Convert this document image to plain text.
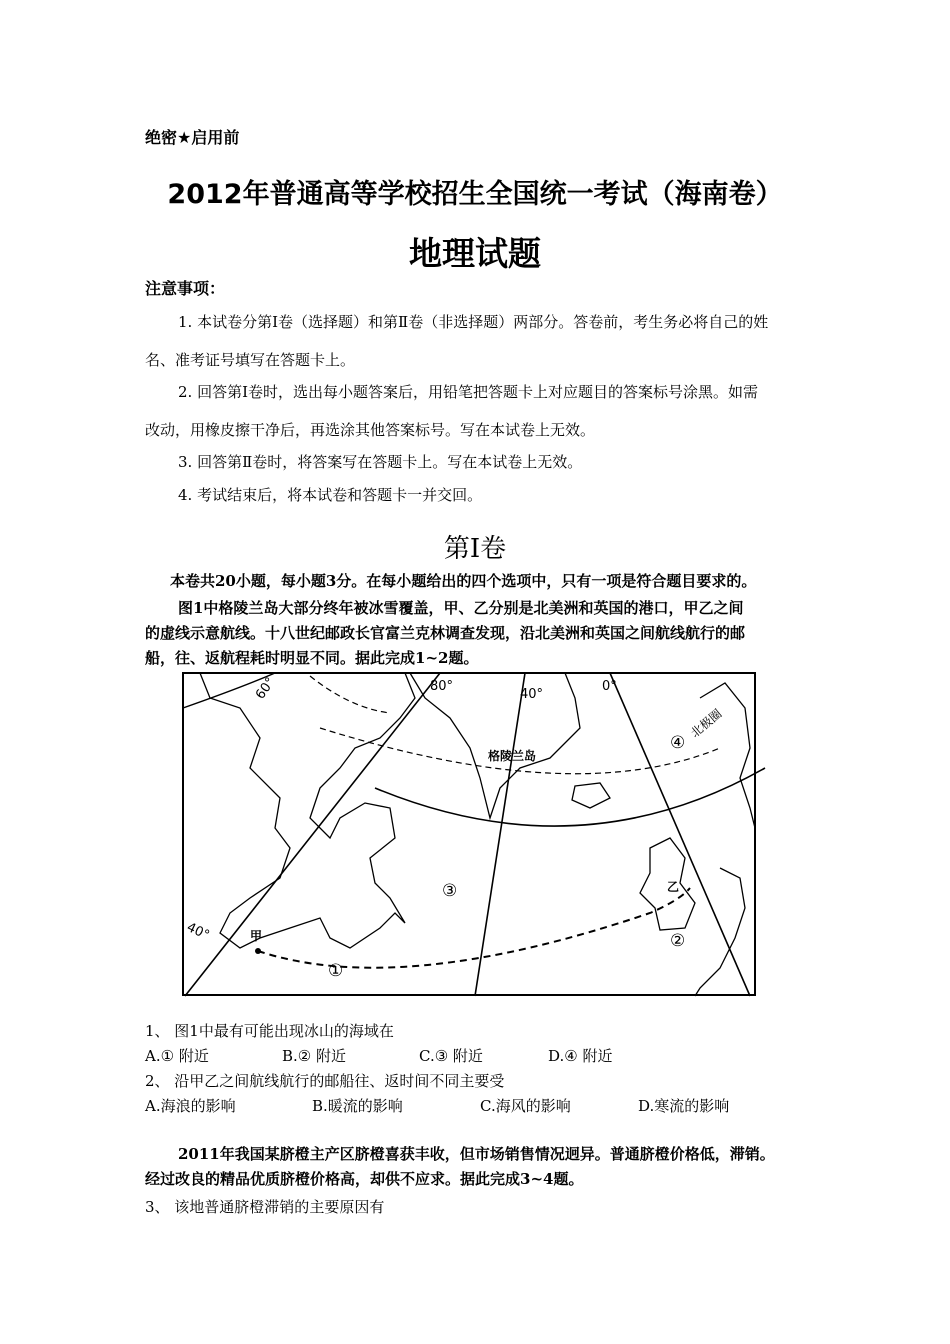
绝密★启用前
2012年普通高等学校招生全国统一考试（海南卷）
地理试题
注意事项：
1. 本试卷分第Ⅰ卷（选择题）和第Ⅱ卷（非选择题）两部分。答卷前，考生务必将自己的姓
名、准考证号填写在答题卡上。
2. 回答第Ⅰ卷时，选出每小题答案后，用铅笔把答题卡上对应题目的答案标号涂黑。如需
改动，用橡皮擦干净后，再选涂其他答案标号。写在本试卷上无效。
3. 回答第Ⅱ卷时，将答案写在答题卡上。写在本试卷上无效。
4. 考试结束后，将本试卷和答题卡一并交回。
第Ⅰ卷
本卷共20小题，每小题3分。在每小题给出的四个选项中，只有一项是符合题目要求的。
图1中格陵兰岛大部分终年被冰雪覆盖，甲、乙分别是北美洲和英国的港口，甲乙之间
的虚线示意航线。十八世纪邮政长官富兰克林调查发现，沿北美洲和英国之间航线航行的邮
船，往、返航程耗时明显不同。据此完成1~2题。
80°
40°
0°
60°
40°
北极圈
格陵兰岛
甲
乙
①
②
③
④
1、 图1中最有可能出现冰山的海域在
A.① 附近	B.② 附近	C.③ 附近	D.④ 附近
2、 沿甲乙之间航线航行的邮船往、返时间不同主要受
A.海浪的影响	B.暖流的影响	C.海风的影响	D.寒流的影响
2011年我国某脐橙主产区脐橙喜获丰收，但市场销售情况迥异。普通脐橙价格低，滞销。
经过改良的精品优质脐橙价格高，却供不应求。据此完成3~4题。
3、 该地普通脐橙滞销的主要原因有
